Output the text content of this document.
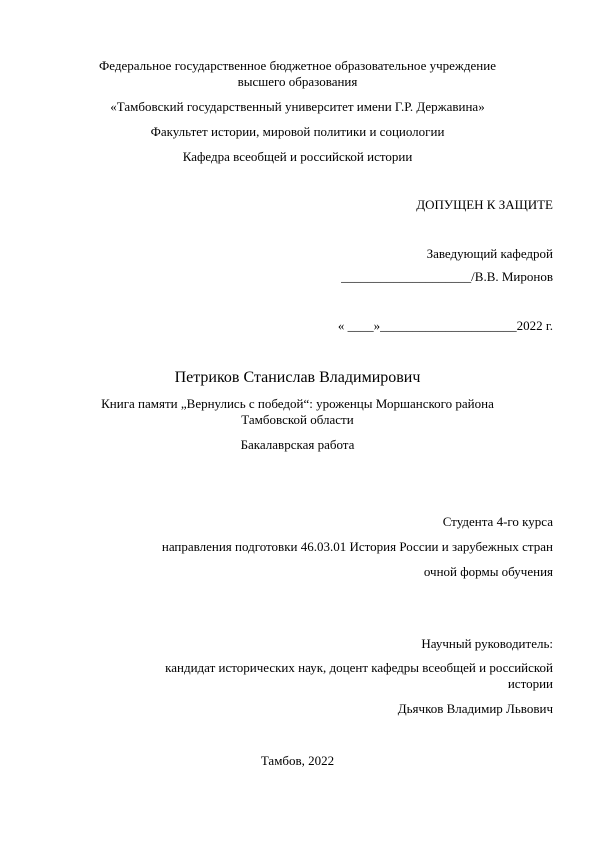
Федеральное государственное бюджетное образовательное учреждение
высшего образования
«Тамбовский государственный университет имени Г.Р. Державина»
Факультет истории, мировой политики и социологии
Кафедра всеобщей и российской истории
ДОПУЩЕН К ЗАЩИТЕ
Заведующий кафедрой
____________________/В.В. Миронов
« ____»_____________________2022 г.
Петриков Станислав Владимирович
Книга памяти „Вернулись с победой“: уроженцы Моршанского района
Тамбовской области
Бакалаврская работа
Студента 4-го курса
направления подготовки 46.03.01 История России и зарубежных стран
очной формы обучения
Научный руководитель:
кандидат исторических наук, доцент кафедры всеобщей и российской
истории
Дьячков Владимир Львович
Тамбов, 2022
